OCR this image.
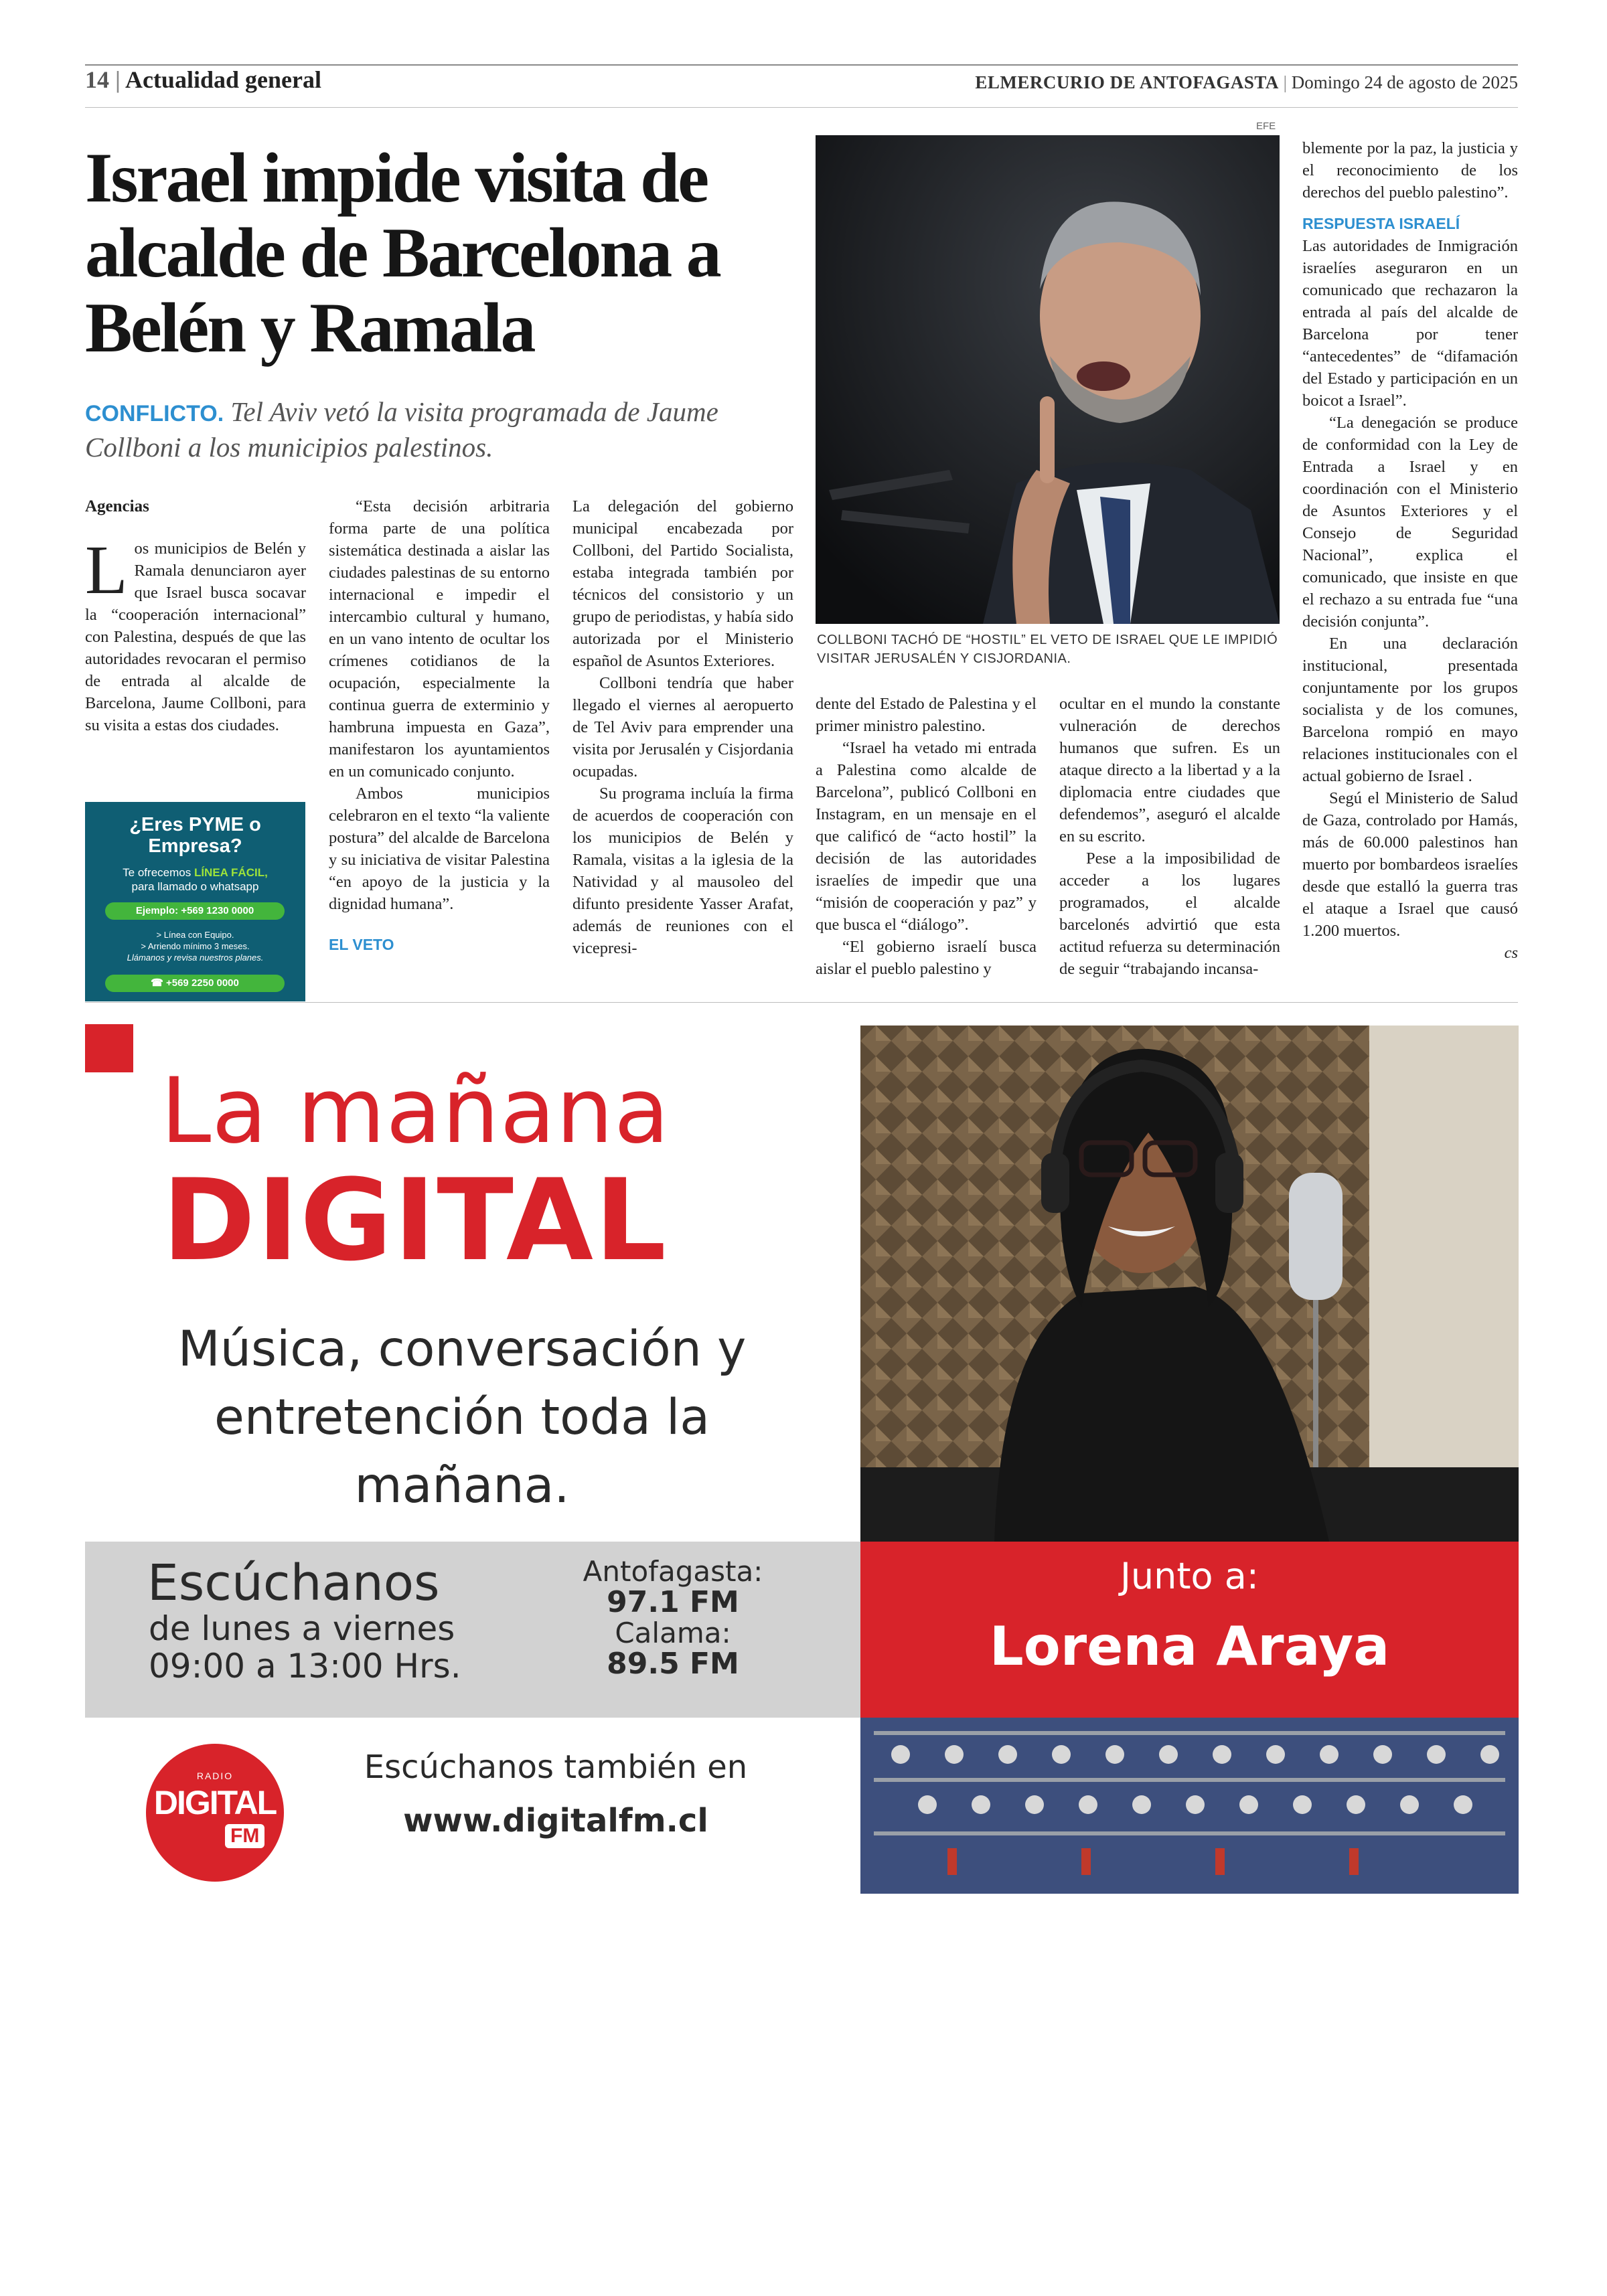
14 | Actualidad general	ELMERCURIO DE ANTOFAGASTA | Domingo 24 de agosto de 2025
Israel impide visita de alcalde de Barcelona a Belén y Ramala
CONFLICTO. Tel Aviv vetó la visita programada de Jaume Collboni a los municipios palestinos.
Agencias

Los municipios de Belén y Ramala denunciaron ayer que Israel busca socavar la “cooperación internacional” con Palestina, después de que las autoridades revocaran el permiso de entrada al alcalde de Barcelona, Jaume Collboni, para su visita a estas dos ciudades.

¿Eres PYME o Empresa?
Te ofrecemos LÍNEA FÁCIL,
para llamado o whatsapp
Ejemplo: +569 1230 0000
> Línea con Equipo.
> Arriendo mínimo 3 meses.
Llámanos y revisa nuestros planes.
☎ +569 2250 0000

“Esta decisión arbitraria forma parte de una política sistemática destinada a aislar las ciudades palestinas de su entorno internacional e impedir el intercambio cultural y humano, en un vano intento de ocultar los crímenes cotidianos de la ocupación, especialmente la continua guerra de exterminio y hambruna impuesta en Gaza”, manifestaron los ayuntamientos en un comunicado conjunto.

Ambos municipios celebraron en el texto “la valiente postura” del alcalde de Barcelona y su iniciativa de visitar Palestina “en apoyo de la justicia y la dignidad humana”.

EL VETO

La delegación del gobierno municipal encabezada por Collboni, del Partido Socialista, estaba integrada también por técnicos del consistorio y un grupo de periodistas, y había sido autorizada por el Ministerio español de Asuntos Exteriores.

Collboni tendría que haber llegado el viernes al aeropuerto de Tel Aviv para emprender una visita por Jerusalén y Cisjordania ocupadas.

Su programa incluía la firma de acuerdos de cooperación con los municipios de Belén y Ramala, visitas a la iglesia de la Natividad y al mausoleo del difunto presidente Yasser Arafat, además de reuniones con el vicepresi-

EFE
COLLBONI TACHÓ DE “HOSTIL” EL VETO DE ISRAEL QUE LE IMPIDIÓ VISITAR JERUSALÉN Y CISJORDANIA.

dente del Estado de Palestina y el primer ministro palestino.

“Israel ha vetado mi entrada a Palestina como alcalde de Barcelona”, publicó Collboni en Instagram, en un mensaje en el que calificó de “acto hostil” la decisión de las autoridades israelíes de impedir que una “misión de cooperación y paz” y que busca el “diálogo”.

“El gobierno israelí busca aislar el pueblo palestino y

ocultar en el mundo la constante vulneración de derechos humanos que sufren. Es un ataque directo a la libertad y a la diplomacia entre ciudades que defendemos”, aseguró el alcalde en su escrito.

Pese a la imposibilidad de acceder a los lugares programados, el alcalde barcelonés advirtió que esta actitud refuerza su determinación de seguir “trabajando incansa-

blemente por la paz, la justicia y el reconocimiento de los derechos del pueblo palestino”.

RESPUESTA ISRAELÍ

Las autoridades de Inmigración israelíes aseguraron en un comunicado que rechazaron la entrada al país del alcalde de Barcelona por tener “antecedentes” de “difamación del Estado y participación en un boicot a Israel”.

“La denegación se produce de conformidad con la Ley de Entrada a Israel y en coordinación con el Ministerio de Asuntos Exteriores y el Consejo de Seguridad Nacional”, explica el comunicado, que insiste en que el rechazo a su entrada fue “una decisión conjunta”.

En una declaración institucional, presentada conjuntamente por los grupos socialista y de los comunes, Barcelona rompió en mayo relaciones institucionales con el actual gobierno de Israel .

Segú el Ministerio de Salud de Gaza, controlado por Hamás, más de 60.000 palestinos han muerto por bombardeos israelíes desde que estalló la guerra tras el ataque a Israel que causó 1.200 muertos.

cs
La mañana
DIGITAL
Música, conversación y entretención toda la mañana.
Escúchanos
de lunes a viernes
09:00 a 13:00 Hrs.
Antofagasta:
97.1 FM
Calama:
89.5 FM
Junto a:
Lorena Araya
RADIO
DIGITAL
FM
Escúchanos también en
www.digitalfm.cl
